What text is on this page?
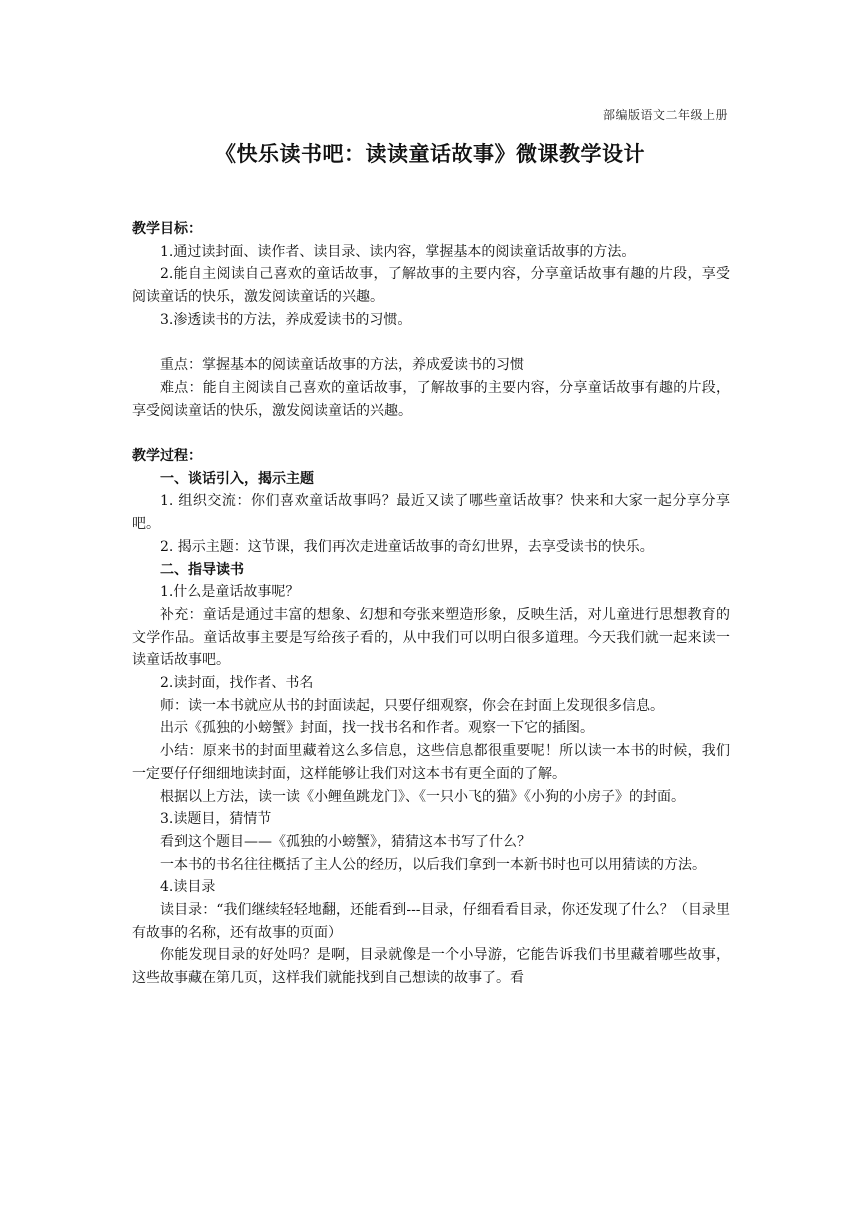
部编版语文二年级上册
《快乐读书吧：读读童话故事》微课教学设计

教学目标：

1.通过读封面、读作者、读目录、读内容，掌握基本的阅读童话故事的方法。

2.能自主阅读自己喜欢的童话故事，了解故事的主要内容，分享童话故事有趣的片段，享受阅读童话的快乐，激发阅读童话的兴趣。

3.渗透读书的方法，养成爱读书的习惯。

重点：掌握基本的阅读童话故事的方法，养成爱读书的习惯

难点：能自主阅读自己喜欢的童话故事，了解故事的主要内容，分享童话故事有趣的片段，享受阅读童话的快乐，激发阅读童话的兴趣。

教学过程：

一、谈话引入，揭示主题

1. 组织交流：你们喜欢童话故事吗？最近又读了哪些童话故事？快来和大家一起分享分享吧。

2. 揭示主题：这节课，我们再次走进童话故事的奇幻世界，去享受读书的快乐。

二、指导读书

1.什么是童话故事呢？

补充：童话是通过丰富的想象、幻想和夸张来塑造形象，反映生活，对儿童进行思想教育的文学作品。童话故事主要是写给孩子看的，从中我们可以明白很多道理。今天我们就一起来读一读童话故事吧。

2.读封面，找作者、书名

师：读一本书就应从书的封面读起，只要仔细观察，你会在封面上发现很多信息。

出示《孤独的小螃蟹》封面，找一找书名和作者。观察一下它的插图。

小结：原来书的封面里藏着这么多信息，这些信息都很重要呢！所以读一本书的时候，我们一定要仔仔细细地读封面，这样能够让我们对这本书有更全面的了解。

根据以上方法，读一读《小鲤鱼跳龙门》、《一只小飞的猫》《小狗的小房子》的封面。

3.读题目，猜情节

看到这个题目——《孤独的小螃蟹》，猜猜这本书写了什么？

一本书的书名往往概括了主人公的经历，以后我们拿到一本新书时也可以用猜读的方法。

4.读目录

读目录：“我们继续轻轻地翻，还能看到---目录，仔细看看目录，你还发现了什么？（目录里有故事的名称，还有故事的页面）

你能发现目录的好处吗？是啊，目录就像是一个小导游，它能告诉我们书里藏着哪些故事，这些故事藏在第几页，这样我们就能找到自己想读的故事了。看
